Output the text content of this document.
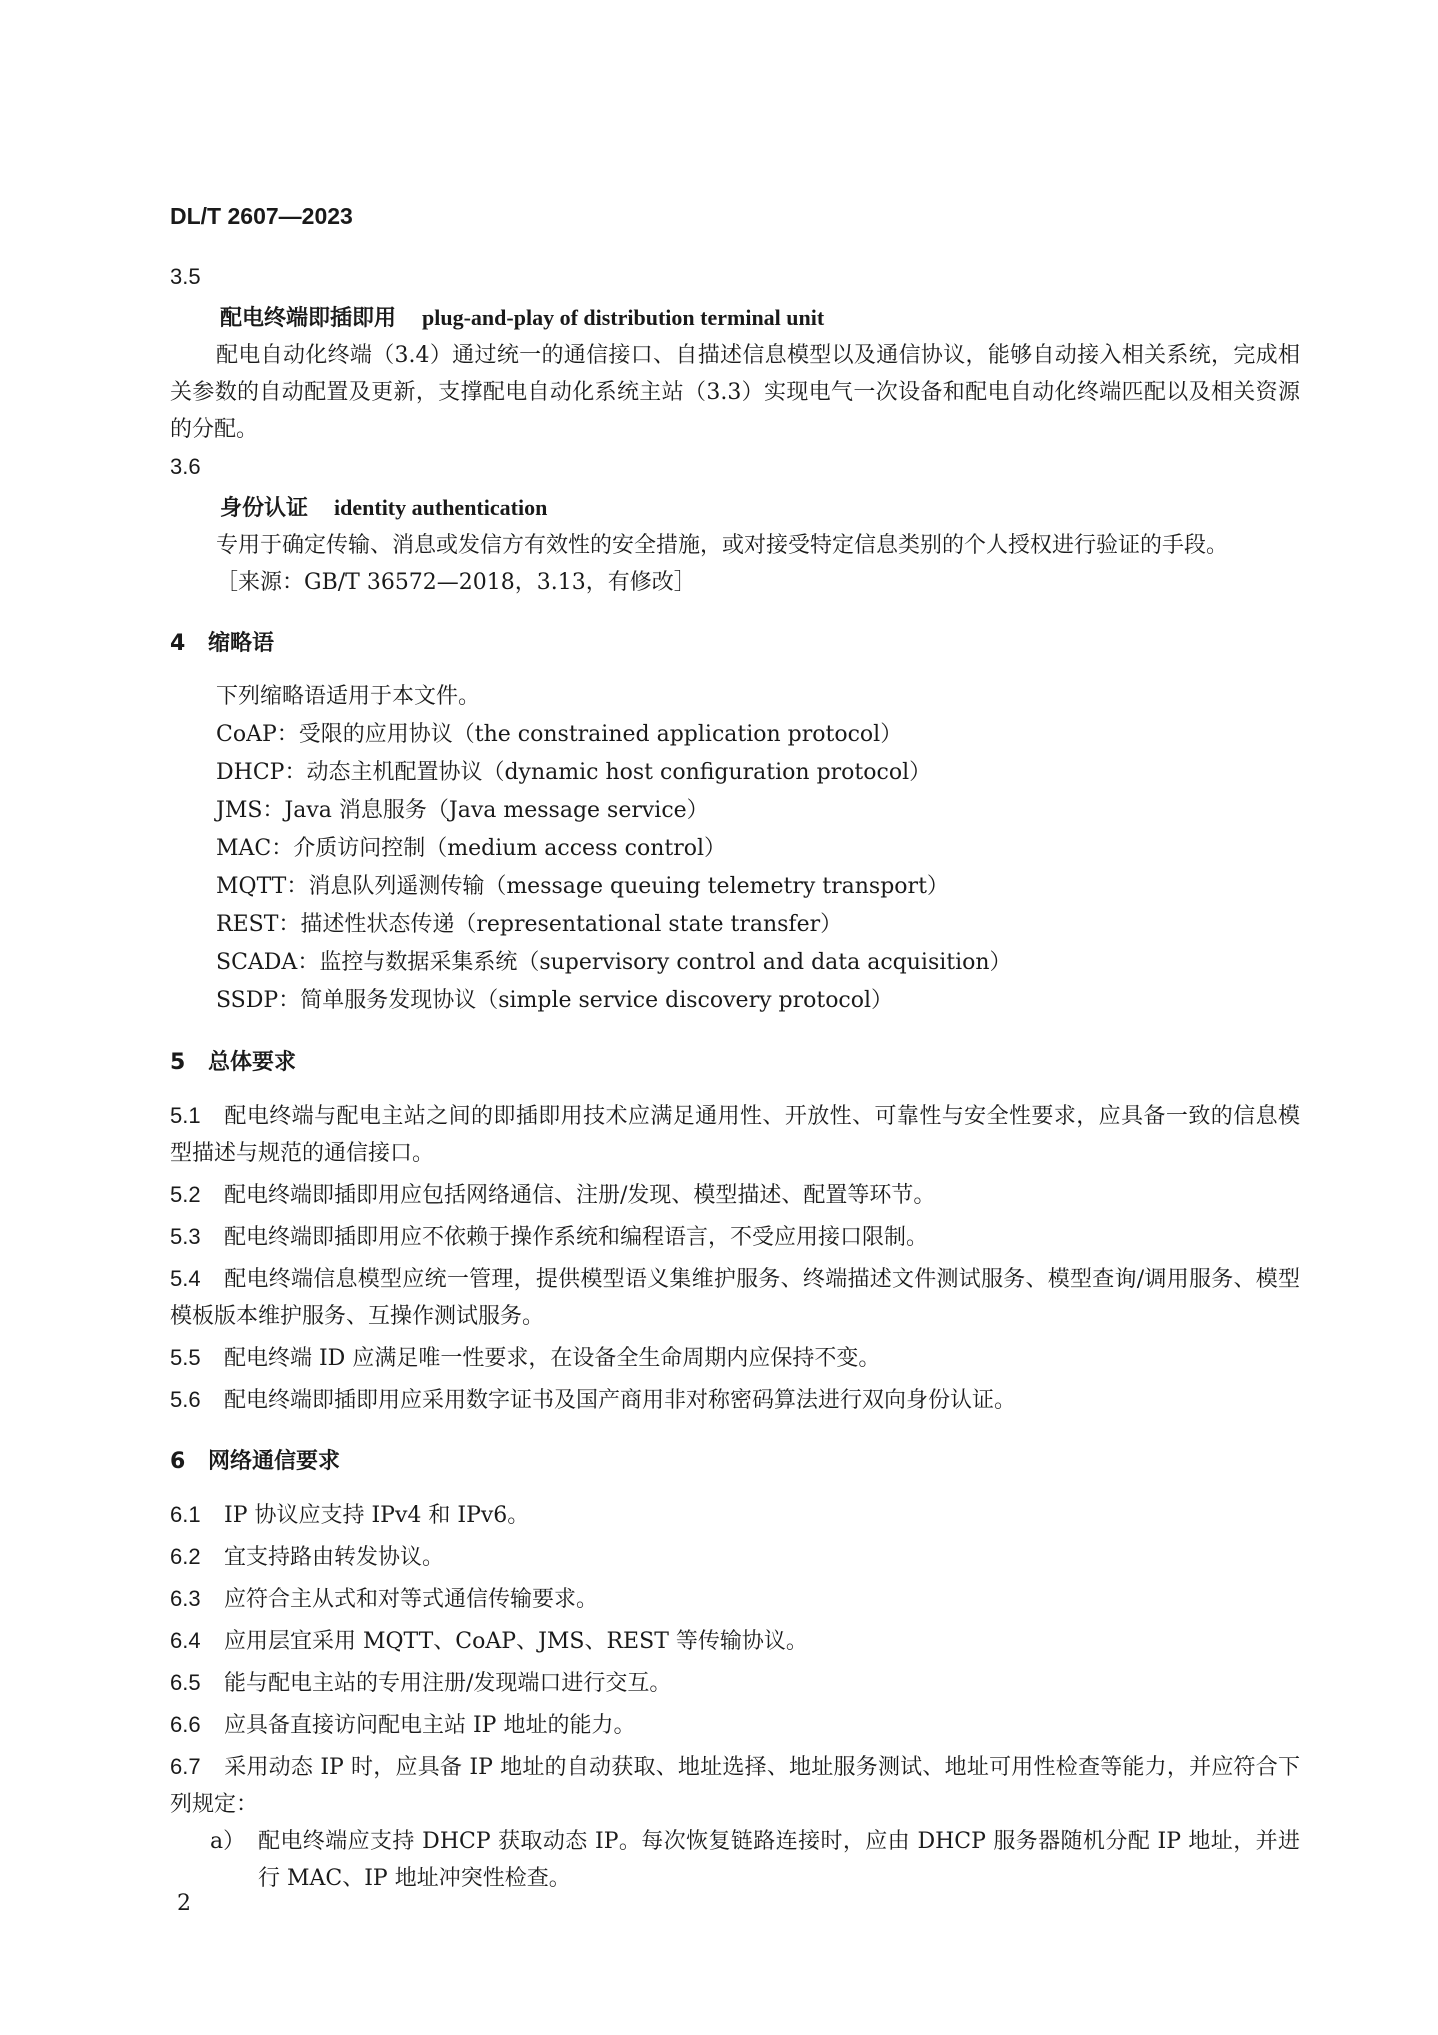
DL/T 2607—2023

3.5

配电终端即插即用 plug-and-play of distribution terminal unit

配电自动化终端（3.4）通过统一的通信接口、自描述信息模型以及通信协议，能够自动接入相关系统，完成相关参数的自动配置及更新，支撑配电自动化系统主站（3.3）实现电气一次设备和配电自动化终端匹配以及相关资源的分配。

3.6

身份认证 identity authentication

专用于确定传输、消息或发信方有效性的安全措施，或对接受特定信息类别的个人授权进行验证的手段。

［来源：GB/T 36572—2018，3.13，有修改］

4 缩略语
下列缩略语适用于本文件。
CoAP：受限的应用协议（the constrained application protocol）
DHCP：动态主机配置协议（dynamic host configuration protocol）
JMS：Java 消息服务（Java message service）
MAC：介质访问控制（medium access control）
MQTT：消息队列遥测传输（message queuing telemetry transport）
REST：描述性状态传递（representational state transfer）
SCADA：监控与数据采集系统（supervisory control and data acquisition）
SSDP：简单服务发现协议（simple service discovery protocol）
5 总体要求

5.1 配电终端与配电主站之间的即插即用技术应满足通用性、开放性、可靠性与安全性要求，应具备一致的信息模型描述与规范的通信接口。

5.2 配电终端即插即用应包括网络通信、注册/发现、模型描述、配置等环节。

5.3 配电终端即插即用应不依赖于操作系统和编程语言，不受应用接口限制。

5.4 配电终端信息模型应统一管理，提供模型语义集维护服务、终端描述文件测试服务、模型查询/调用服务、模型模板版本维护服务、互操作测试服务。

5.5 配电终端 ID 应满足唯一性要求，在设备全生命周期内应保持不变。

5.6 配电终端即插即用应采用数字证书及国产商用非对称密码算法进行双向身份认证。

6 网络通信要求

6.1 IP 协议应支持 IPv4 和 IPv6。

6.2 宜支持路由转发协议。

6.3 应符合主从式和对等式通信传输要求。

6.4 应用层宜采用 MQTT、CoAP、JMS、REST 等传输协议。

6.5 能与配电主站的专用注册/发现端口进行交互。

6.6 应具备直接访问配电主站 IP 地址的能力。

6.7 采用动态 IP 时，应具备 IP 地址的自动获取、地址选择、地址服务测试、地址可用性检查等能力，并应符合下列规定：

a） 配电终端应支持 DHCP 获取动态 IP。每次恢复链路连接时，应由 DHCP 服务器随机分配 IP 地址，并进行 MAC、IP 地址冲突性检查。

2
